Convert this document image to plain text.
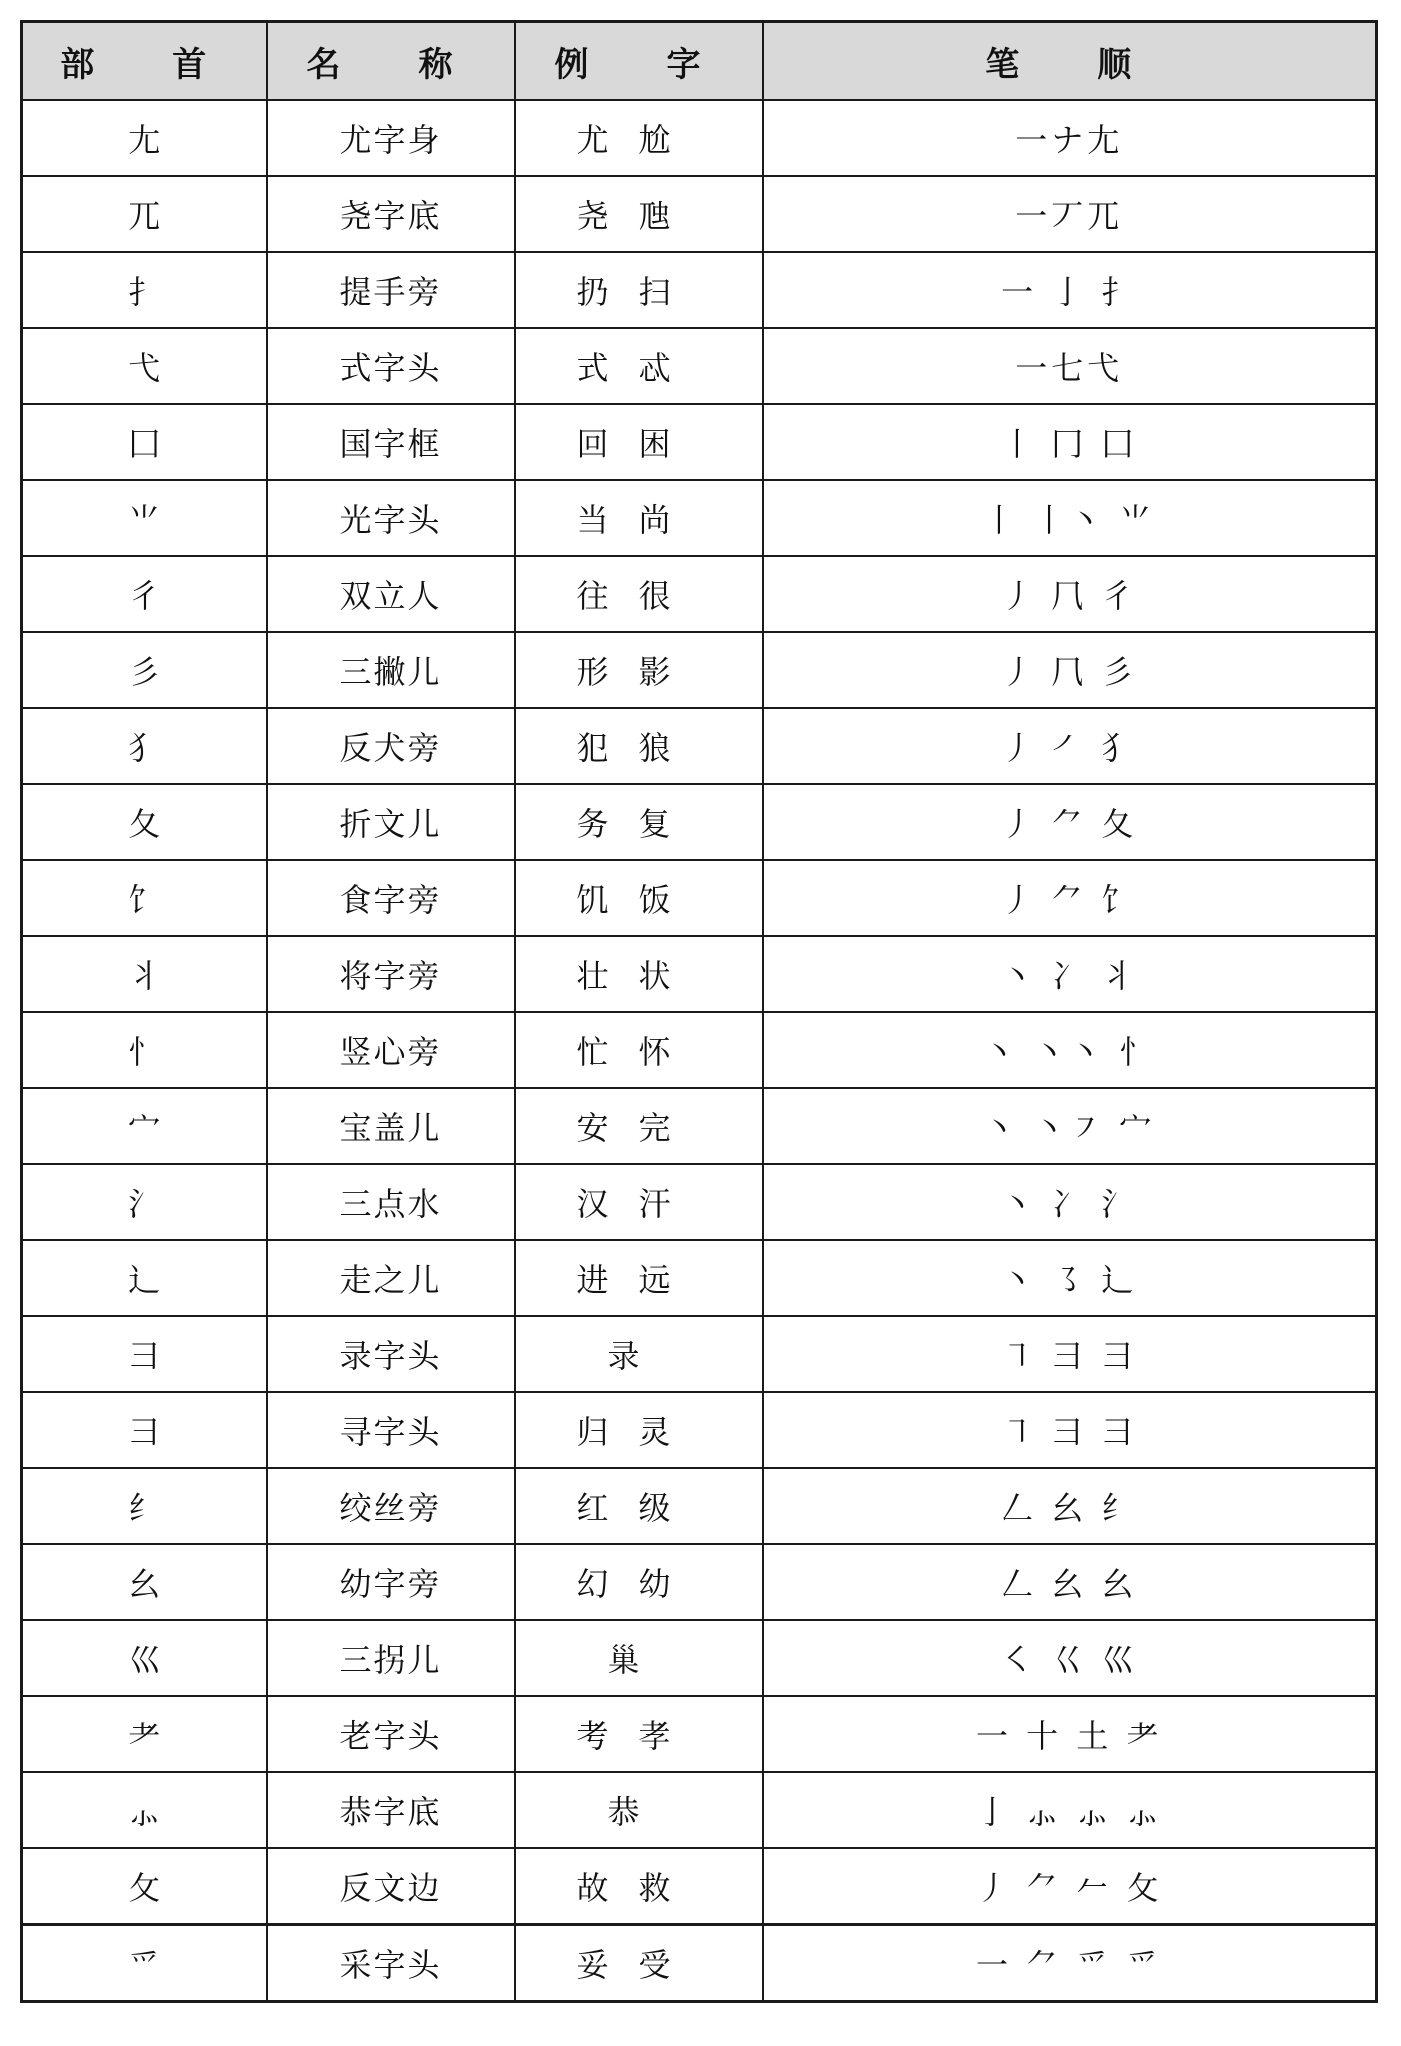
部　首	名　称	例　字	笔　顺
尢	尤字身	尤尬	一ナ尢
兀	尧字底	尧虺	一丆兀
扌	提手旁	扔扫	一 亅 扌
弋	式字头	式忒	一七弋
囗	国字框	回困	丨 冂 囗
⺌	光字头	当尚	丨 丨丶 ⺌
彳	双立人	往很	丿 ⺇ 彳
彡	三撇儿	形影	丿 ⺇ 彡
犭	反犬旁	犯狼	丿 ㇒ 犭
夂	折文儿	务复	丿 ⺈ 夂
饣	食字旁	饥饭	丿 ⺈ 饣
丬	将字旁	壮状	丶 冫 丬
忄	竖心旁	忙怀	丶 丶丶 忄
宀	宝盖儿	安完	丶 丶㇇ 宀
氵	三点水	汉汗	丶 冫 氵
辶	走之儿	进远	丶 ㇌ 辶
彐	录字头	录	㇕ ⺕ 彐
彐	寻字头	归灵	㇕ ⺕ 彐
纟	绞丝旁	红级	𠃋 幺 纟
幺	幼字旁	幻幼	𠃋 幺 幺
巛	三拐儿	巢	㇛ 巜 巛
耂	老字头	考孝	一 十 土 耂
⺗	恭字底	恭	亅 ⺗ ⺗ ⺗
攵	反文边	故救	丿 ⺈ 𠂉 攵
爫	采字头	妥受	一 ⺈ 爫 爫
